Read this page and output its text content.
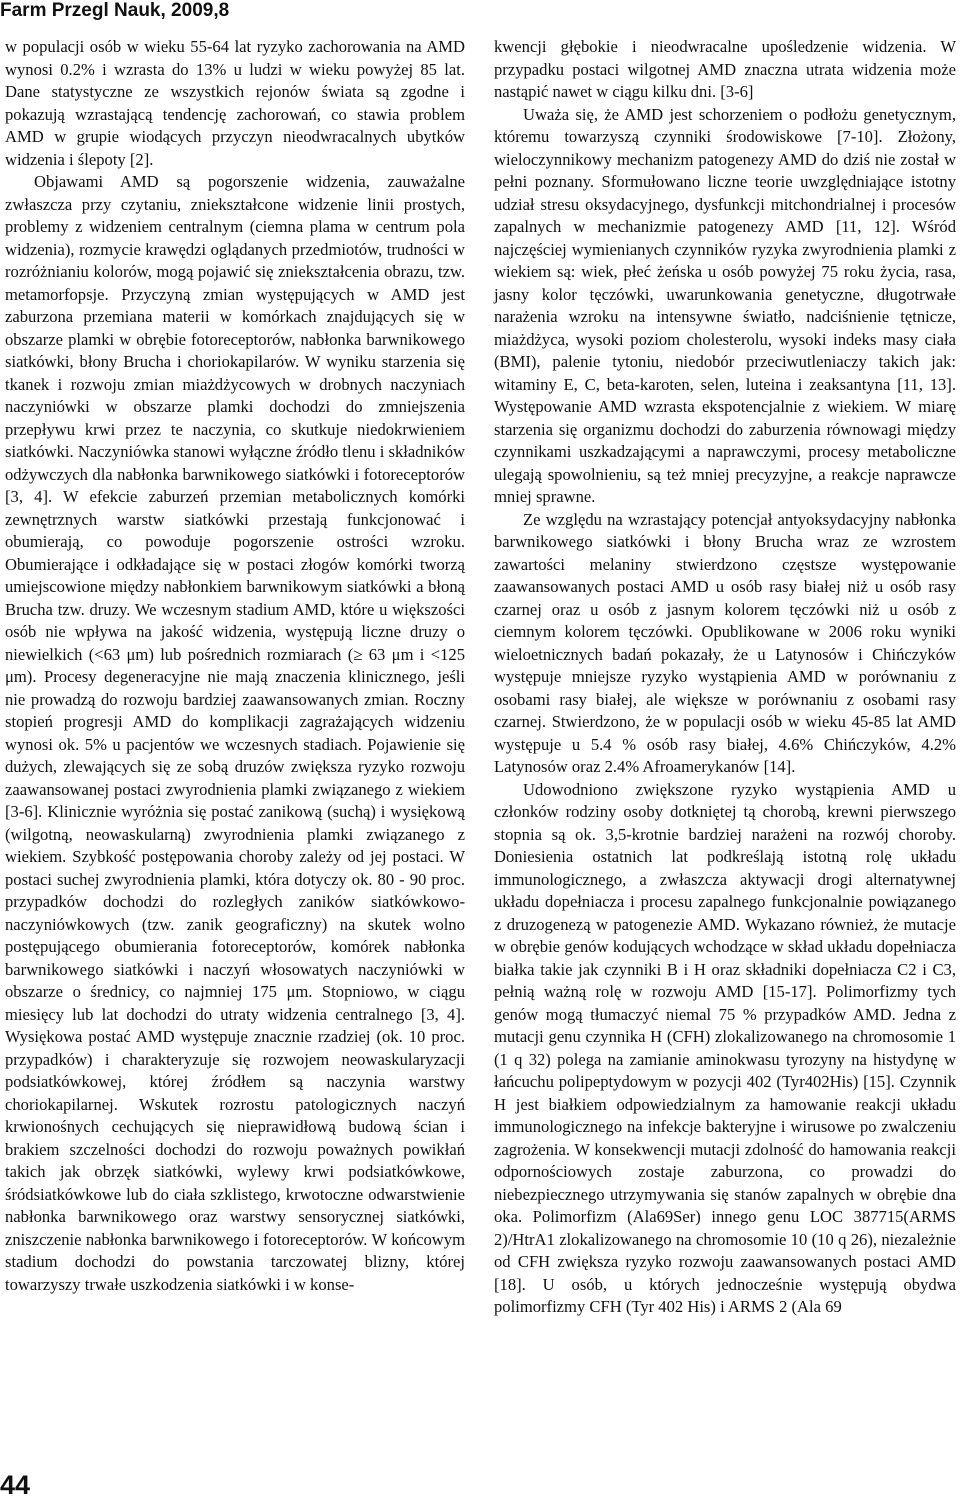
Farm Przegl Nauk, 2009,8

w populacji osób w wieku 55-64 lat ryzyko zachorowania na AMD wynosi 0.2% i wzrasta do 13% u ludzi w wieku powyżej 85 lat. Dane statystyczne ze wszystkich rejonów świata są zgodne i pokazują wzrastającą tendencję zachorowań, co stawia problem AMD w grupie wiodących przyczyn nieodwracalnych ubytków widzenia i ślepoty [2].

Objawami AMD są pogorszenie widzenia, zauważalne zwłaszcza przy czytaniu, zniekształcone widzenie linii prostych, problemy z widzeniem centralnym (ciemna plama w centrum pola widzenia), rozmycie krawędzi oglądanych przedmiotów, trudności w rozróżnianiu kolorów, mogą pojawić się zniekształcenia obrazu, tzw. metamorfopsje. Przyczyną zmian występujących w AMD jest zaburzona przemiana materii w komórkach znajdujących się w obszarze plamki w obrębie fotoreceptorów, nabłonka barwnikowego siatkówki, błony Brucha i choriokapilarów. W wyniku starzenia się tkanek i rozwoju zmian miażdżycowych w drobnych naczyniach naczyniówki w obszarze plamki dochodzi do zmniejszenia przepływu krwi przez te naczynia, co skutkuje niedokrwieniem siatkówki. Naczyniówka stanowi wyłączne źródło tlenu i składników odżywczych dla nabłonka barwnikowego siatkówki i fotoreceptorów [3, 4]. W efekcie zaburzeń przemian metabolicznych komórki zewnętrznych warstw siatkówki przestają funkcjonować i obumierają, co powoduje pogorszenie ostrości wzroku. Obumierające i odkładające się w postaci złogów komórki tworzą umiejscowione między nabłonkiem barwnikowym siatkówki a błoną Brucha tzw. druzy. We wczesnym stadium AMD, które u większości osób nie wpływa na jakość widzenia, występują liczne druzy o niewielkich (<63 μm) lub pośrednich rozmiarach (≥ 63 μm i <125 μm). Procesy degeneracyjne nie mają znaczenia klinicznego, jeśli nie prowadzą do rozwoju bardziej zaawansowanych zmian. Roczny stopień progresji AMD do komplikacji zagrażających widzeniu wynosi ok. 5% u pacjentów we wczesnych stadiach. Pojawienie się dużych, zlewających się ze sobą druzów zwiększa ryzyko rozwoju zaawansowanej postaci zwyrodnienia plamki związanego z wiekiem [3-6]. Klinicznie wyróżnia się postać zanikową (suchą) i wysiękową (wilgotną, neowaskularną) zwyrodnienia plamki związanego z wiekiem. Szybkość postępowania choroby zależy od jej postaci. W postaci suchej zwyrodnienia plamki, która dotyczy ok. 80 - 90 proc. przypadków dochodzi do rozległych zaników siatkówkowo-naczyniówkowych (tzw. zanik geograficzny) na skutek wolno postępującego obumierania fotoreceptorów, komórek nabłonka barwnikowego siatkówki i naczyń włosowatych naczyniówki w obszarze o średnicy, co najmniej 175 μm. Stopniowo, w ciągu miesięcy lub lat dochodzi do utraty widzenia centralnego [3, 4]. Wysiękowa postać AMD występuje znacznie rzadziej (ok. 10 proc. przypadków) i charakteryzuje się rozwojem neowaskularyzacji podsiatkówkowej, której źródłem są naczynia warstwy choriokapilarnej. Wskutek rozrostu patologicznych naczyń krwionośnych cechujących się nieprawidłową budową ścian i brakiem szczelności dochodzi do rozwoju poważnych powikłań takich jak obrzęk siatkówki, wylewy krwi podsiatkówkowe, śródsiatkówkowe lub do ciała szklistego, krwotoczne odwarstwienie nabłonka barwnikowego oraz warstwy sensorycznej siatkówki, zniszczenie nabłonka barwnikowego i fotoreceptorów. W końcowym stadium dochodzi do powstania tarczowatej blizny, której towarzyszy trwałe uszkodzenia siatkówki i w konse-

kwencji głębokie i nieodwracalne upośledzenie widzenia. W przypadku postaci wilgotnej AMD znaczna utrata widzenia może nastąpić nawet w ciągu kilku dni. [3-6]

Uważa się, że AMD jest schorzeniem o podłożu genetycznym, któremu towarzyszą czynniki środowiskowe [7-10]. Złożony, wieloczynnikowy mechanizm patogenezy AMD do dziś nie został w pełni poznany. Sformułowano liczne teorie uwzględniające istotny udział stresu oksydacyjnego, dysfunkcji mitchondrialnej i procesów zapalnych w mechanizmie patogenezy AMD [11, 12]. Wśród najczęściej wymienianych czynników ryzyka zwyrodnienia plamki z wiekiem są: wiek, płeć żeńska u osób powyżej 75 roku życia, rasa, jasny kolor tęczówki, uwarunkowania genetyczne, długotrwałe narażenia wzroku na intensywne światło, nadciśnienie tętnicze, miażdżyca, wysoki poziom cholesterolu, wysoki indeks masy ciała (BMI), palenie tytoniu, niedobór przeciwutleniaczy takich jak: witaminy E, C, beta-karoten, selen, luteina i zeaksantyna [11, 13]. Występowanie AMD wzrasta ekspotencjalnie z wiekiem. W miarę starzenia się organizmu dochodzi do zaburzenia równowagi między czynnikami uszkadzającymi a naprawczymi, procesy metaboliczne ulegają spowolnieniu, są też mniej precyzyjne, a reakcje naprawcze mniej sprawne.

Ze względu na wzrastający potencjał antyoksydacyjny nabłonka barwnikowego siatkówki i błony Brucha wraz ze wzrostem zawartości melaniny stwierdzono częstsze występowanie zaawansowanych postaci AMD u osób rasy białej niż u osób rasy czarnej oraz u osób z jasnym kolorem tęczówki niż u osób z ciemnym kolorem tęczówki. Opublikowane w 2006 roku wyniki wieloetnicznych badań pokazały, że u Latynosów i Chińczyków występuje mniejsze ryzyko wystąpienia AMD w porównaniu z osobami rasy białej, ale większe w porównaniu z osobami rasy czarnej. Stwierdzono, że w populacji osób w wieku 45-85 lat AMD występuje u 5.4 % osób rasy białej, 4.6% Chińczyków, 4.2% Latynosów oraz 2.4% Afroamerykanów [14].

Udowodniono zwiększone ryzyko wystąpienia AMD u członków rodziny osoby dotkniętej tą chorobą, krewni pierwszego stopnia są ok. 3,5-krotnie bardziej narażeni na rozwój choroby. Doniesienia ostatnich lat podkreślają istotną rolę układu immunologicznego, a zwłaszcza aktywacji drogi alternatywnej układu dopełniacza i procesu zapalnego funkcjonalnie powiązanego z druzogenezą w patogenezie AMD. Wykazano również, że mutacje w obrębie genów kodujących wchodzące w skład układu dopełniacza białka takie jak czynniki B i H oraz składniki dopełniacza C2 i C3, pełnią ważną rolę w rozwoju AMD [15-17]. Polimorfizmy tych genów mogą tłumaczyć niemal 75 % przypadków AMD. Jedna z mutacji genu czynnika H (CFH) zlokalizowanego na chromosomie 1 (1 q 32) polega na zamianie aminokwasu tyrozyny na histydynę w łańcuchu polipeptydowym w pozycji 402 (Tyr402His) [15]. Czynnik H jest białkiem odpowiedzialnym za hamowanie reakcji układu immunologicznego na infekcje bakteryjne i wirusowe po zwalczeniu zagrożenia. W konsekwencji mutacji zdolność do hamowania reakcji odpornościowych zostaje zaburzona, co prowadzi do niebezpiecznego utrzymywania się stanów zapalnych w obrębie dna oka. Polimorfizm (Ala69Ser) innego genu LOC 387715(ARMS 2)/HtrA1 zlokalizowanego na chromosomie 10 (10 q 26), niezależnie od CFH zwiększa ryzyko rozwoju zaawansowanych postaci AMD [18]. U osób, u których jednocześnie występują obydwa polimorfizmy CFH (Tyr 402 His) i ARMS 2 (Ala 69

44
